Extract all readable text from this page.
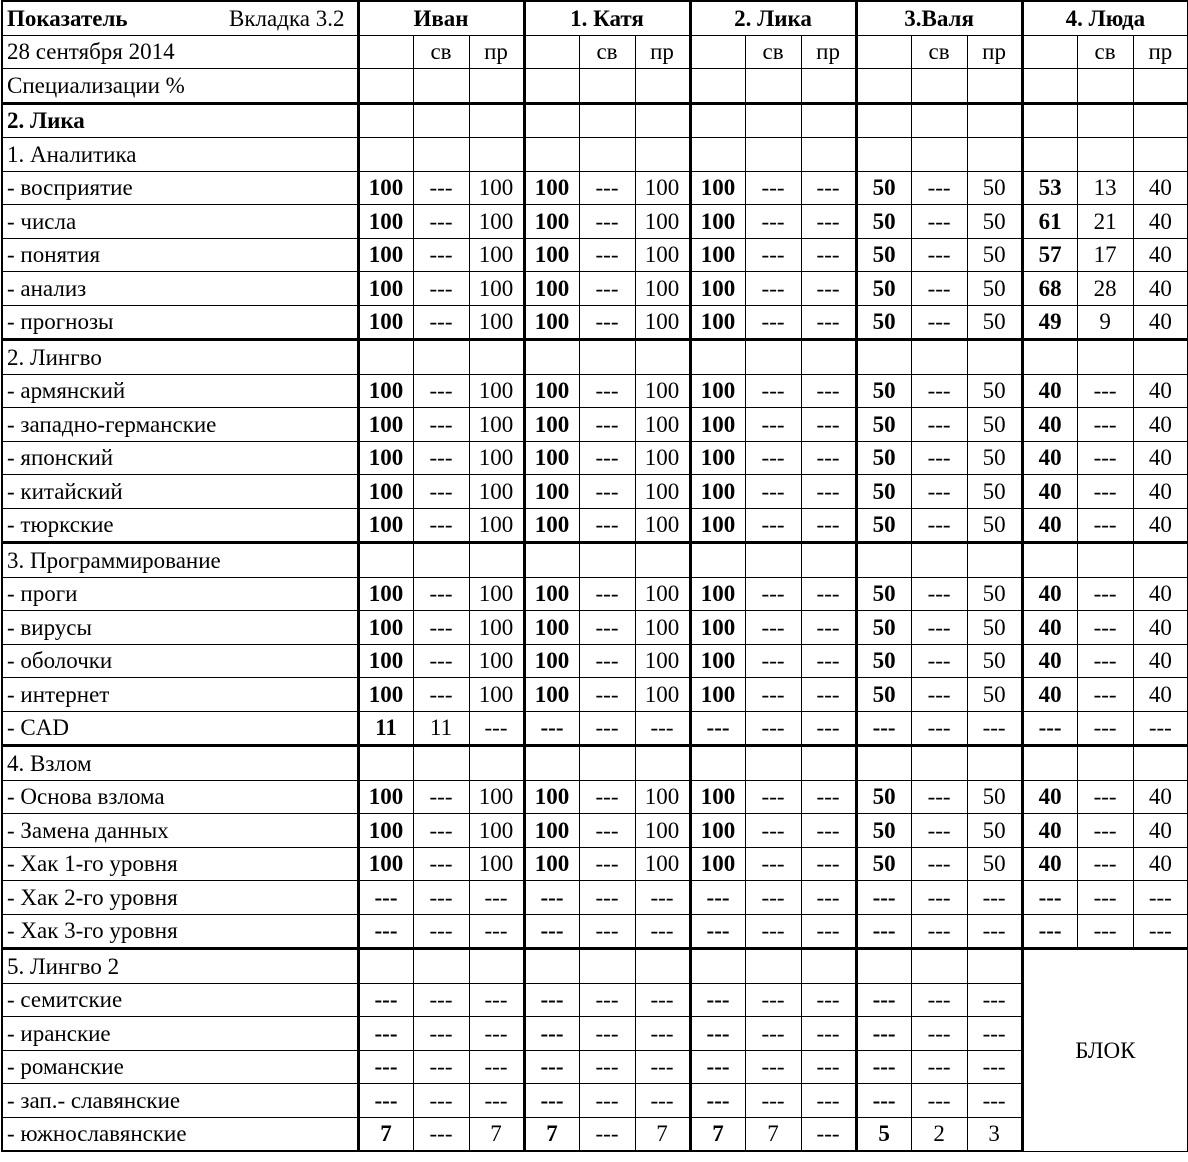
Показатель Вкладка 3.2	Иван			1. Катя			2. Лика			3.Валя			4. Люда		
28 сентября 2014		св	пр		св	пр		св	пр		св	пр		св	пр
Специализации %															
2. Лика															
1. Аналитика															
- восприятие	100	---	100	100	---	100	100	---	---	50	---	50	53	13	40
- числа	100	---	100	100	---	100	100	---	---	50	---	50	61	21	40
- понятия	100	---	100	100	---	100	100	---	---	50	---	50	57	17	40
- анализ	100	---	100	100	---	100	100	---	---	50	---	50	68	28	40
- прогнозы	100	---	100	100	---	100	100	---	---	50	---	50	49	9	40
2. Лингво															
- армянский	100	---	100	100	---	100	100	---	---	50	---	50	40	---	40
- западно-германские	100	---	100	100	---	100	100	---	---	50	---	50	40	---	40
- японский	100	---	100	100	---	100	100	---	---	50	---	50	40	---	40
- китайский	100	---	100	100	---	100	100	---	---	50	---	50	40	---	40
- тюркские	100	---	100	100	---	100	100	---	---	50	---	50	40	---	40
3. Программирование															
- проги	100	---	100	100	---	100	100	---	---	50	---	50	40	---	40
- вирусы	100	---	100	100	---	100	100	---	---	50	---	50	40	---	40
- оболочки	100	---	100	100	---	100	100	---	---	50	---	50	40	---	40
- интернет	100	---	100	100	---	100	100	---	---	50	---	50	40	---	40
- CAD	11	11	---	---	---	---	---	---	---	---	---	---	---	---	---
4. Взлом															
- Основа взлома	100	---	100	100	---	100	100	---	---	50	---	50	40	---	40
- Замена данных	100	---	100	100	---	100	100	---	---	50	---	50	40	---	40
- Хак 1-го уровня	100	---	100	100	---	100	100	---	---	50	---	50	40	---	40
- Хак 2-го уровня	---	---	---	---	---	---	---	---	---	---	---	---	---	---	---
- Хак 3-го уровня	---	---	---	---	---	---	---	---	---	---	---	---	---	---	---
5. Лингво 2													БЛОК		
- семитские	---	---	---	---	---	---	---	---	---	---	---	---			
- иранские	---	---	---	---	---	---	---	---	---	---	---	---			
- романские	---	---	---	---	---	---	---	---	---	---	---	---			
- зап.- славянские	---	---	---	---	---	---	---	---	---	---	---	---			
- южнославянские	7	---	7	7	---	7	7	7	---	5	2	3			
